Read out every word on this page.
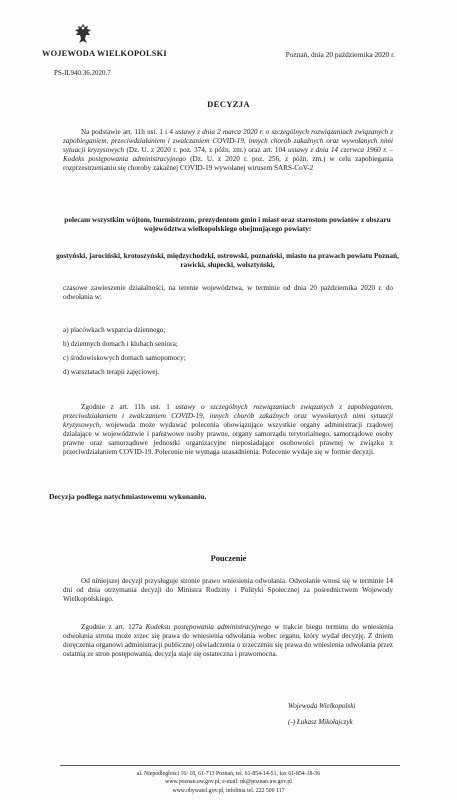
WOJEWODA WIELKOPOLSKI	Poznań, dnia 20 października 2020 r.
PS-II.940.36.2020.7
DECYZJA
Na podstawie art. 11h ust. 1 i 4 ustawy z dnia 2 marca 2020 r. o szczególnych rozwiązaniach związanych z zapobieganiem, przeciwdziałaniem i zwalczaniem COVID-19, innych chorób zakaźnych oraz wywołanych nimi sytuacji kryzysowych (Dz. U. z 2020 r. poz. 374, z późn. zm.) oraz art. 104 ustawy z dnia 14 czerwca 1960 r. – Kodeks postępowania administracyjnego (Dz. U. z 2020 r. poz. 256, z późn. zm.) w celu zapobiegania rozprzestrzenianiu się choroby zakaźnej COVID-19 wywołanej wirusem SARS-CoV-2
polecam wszystkim wójtom, burmistrzom, prezydentom gmin i miast oraz starostom powiatów z obszaru województwa wielkopolskiego obejmującego powiaty:
gostyński, jarociński, krotoszyński, międzychodzki, ostrowski, poznański, miasto na prawach powiatu Poznań, rawicki, słupecki, wolsztyński,
czasowe zawieszenie działalności, na terenie województwa, w terminie od dnia 20 października 2020 r. do odwołania w:
a) placówkach wsparcia dziennego;
b) dziennych domach i klubach seniora;
c) środowiskowych domach samopomocy;
d) warsztatach terapii zajęciowej.
Zgodnie z art. 11h ust. 1 ustawy o szczególnych rozwiązaniach związanych z zapobieganiem, przeciwdziałaniem i zwalczaniem COVID-19, innych chorób zakaźnych oraz wywołanych nimi sytuacji kryzysowych, wojewoda może wydawać polecenia obowiązujące wszystkie organy administracji rządowej działające w województwie i państwowe osoby prawne, organy samorządu terytorialnego, samorządowe osoby prawne oraz samorządowe jednostki organizacyjne nieposiadające osobowości prawnej w związku z przeciwdziałaniem COVID-19. Polecenie nie wymaga uzasadnienia. Polecenie wydaje się w formie decyzji.
Decyzja podlega natychmiastowemu wykonaniu.
Pouczenie
Od niniejszej decyzji przysługuje stronie prawo wniesienia odwołania. Odwołanie wnosi się w terminie 14 dni od dnia otrzymania decyzji do Ministra Rodziny i Polityki Społecznej za pośrednictwem Wojewody Wielkopolskiego.
Zgodnie z art. 127a Kodeksu postępowania administracyjnego w trakcie biegu terminu do wniesienia odwołania strona może zrzec się prawa do wniesienia odwołania wobec organu, który wydał decyzję. Z dniem doręczenia organowi administracji publicznej oświadczenia o zrzeczeniu się prawa do wniesienia odwołania przez ostatnią ze stron postępowania, decyzja staje się ostateczna i prawomocna.
Wojewoda Wielkopolski
(-) Łukasz Mikołajczyk
al. Niepodległości 16/ 18, 61-713 Poznań, tel. 61-854-14-51, fax 61-854-18-36
www.poznan.uw.gov.pl, e-mail: nk@poznan.uw.gov.pl
www.obywatel.gov.pl, infolinia tel. 222 500 117
